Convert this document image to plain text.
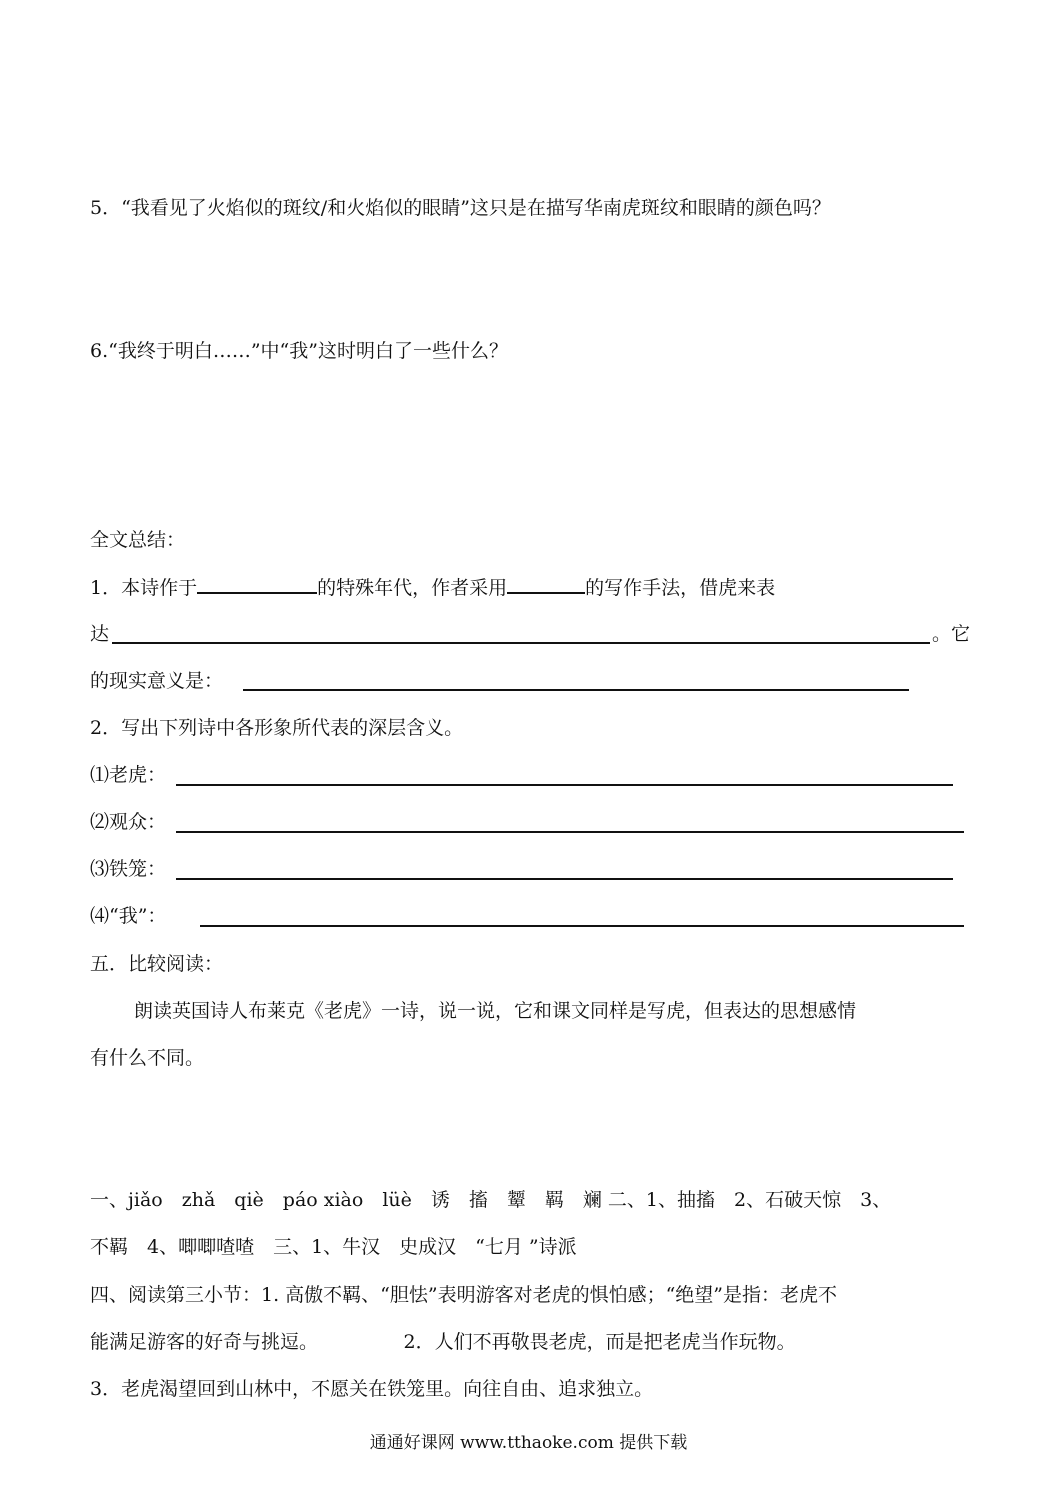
5．“我看见了火焰似的斑纹/和火焰似的眼睛”这只是在描写华南虎斑纹和眼睛的颜色吗？
6.“我终于明白……”中“我”这时明白了一些什么？
全文总结：
1．本诗作于	的特殊年代，作者采用	的写作手法，借虎来表
达	。它
的现实意义是：
2．写出下列诗中各形象所代表的深层含义。
⑴老虎：
⑵观众：
⑶铁笼：
⑷“我”：
五．比较阅读：
朗读英国诗人布莱克《老虎》一诗，说一说，它和课文同样是写虎，但表达的思想感情
有什么不同。
一、jiǎo　zhǎ　qiè　páo xiào　lüè　诱　搐　颦　羁　斓 二、1、抽搐　2、石破天惊　3、
不羁　4、唧唧喳喳　三、1、牛汉　史成汉　“七月 ”诗派
四、阅读第三小节：1. 高傲不羁、“胆怯”表明游客对老虎的惧怕感；“绝望”是指：老虎不
能满足游客的好奇与挑逗。　　　　　2．人们不再敬畏老虎，而是把老虎当作玩物。
3．老虎渴望回到山林中，不愿关在铁笼里。向往自由、追求独立。
通通好课网 www.tthaoke.com 提供下载
